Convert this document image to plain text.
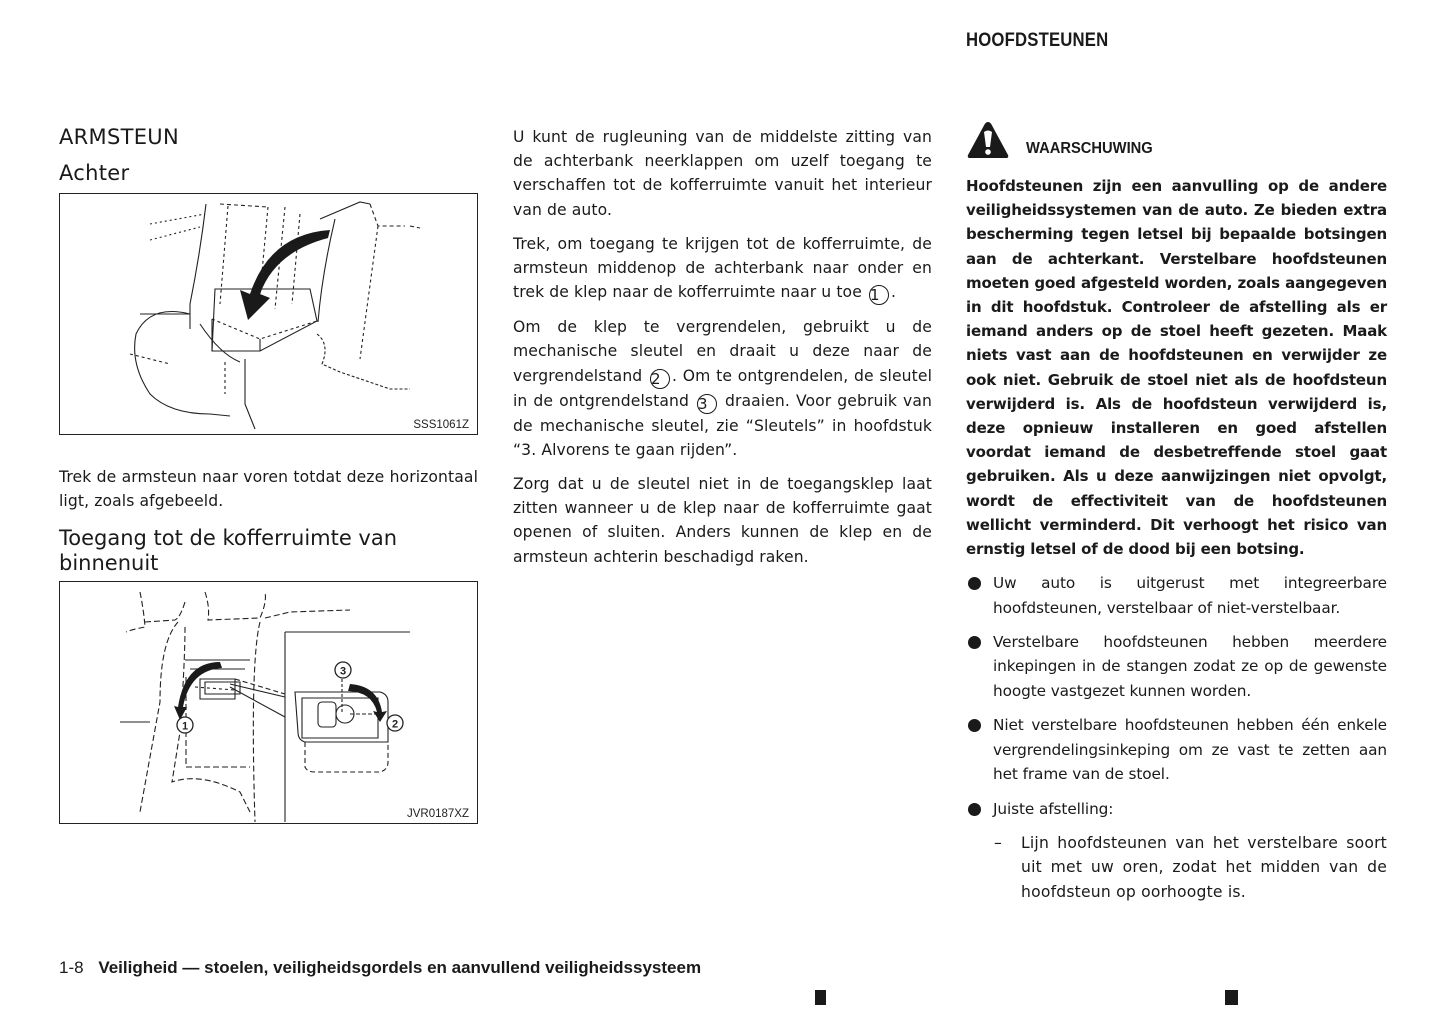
HOOFDSTEUNEN
ARMSTEUN
Achter
SSS1061Z
Trek de armsteun naar voren totdat deze horizontaal ligt, zoals afgebeeld.
Toegang tot de kofferruimte van binnenuit
1
3
2
JVR0187XZ

U kunt de rugleuning van de middelste zitting van de achterbank neerklappen om uzelf toegang te verschaffen tot de kofferruimte vanuit het interieur van de auto.

Trek, om toegang te krijgen tot de kofferruimte, de armsteun middenop de achterbank naar onder en trek de klep naar de kofferruimte naar u toe 1 .

Om de klep te vergrendelen, gebruikt u de mechanische sleutel en draait u deze naar de vergrendelstand 2 . Om te ontgrendelen, de sleutel in de ontgrendelstand 3 draaien. Voor gebruik van de mechanische sleutel, zie “Sleutels” in hoofdstuk “3. Alvorens te gaan rijden”.

Zorg dat u de sleutel niet in de toegangsklep laat zitten wanneer u de klep naar de kofferruimte gaat openen of sluiten. Anders kunnen de klep en de armsteun achterin beschadigd raken.

WAARSCHUWING
Hoofdsteunen zijn een aanvulling op de andere veiligheidssystemen van de auto. Ze bieden extra bescherming tegen letsel bij bepaalde botsingen aan de achterkant. Verstelbare hoofdsteunen moeten goed afgesteld worden, zoals aangegeven in dit hoofdstuk. Controleer de afstelling als er iemand anders op de stoel heeft gezeten. Maak niets vast aan de hoofdsteunen en verwijder ze ook niet. Gebruik de stoel niet als de hoofdsteun verwijderd is. Als de hoofdsteun verwijderd is, deze opnieuw installeren en goed afstellen voordat iemand de desbetreffende stoel gaat gebruiken. Als u deze aanwijzingen niet opvolgt, wordt de effectiviteit van de hoofdsteunen wellicht verminderd. Dit verhoogt het risico van ernstig letsel of de dood bij een botsing.
Uw auto is uitgerust met integreerbare hoofdsteunen, verstelbaar of niet-verstelbaar.
Verstelbare hoofdsteunen hebben meerdere inkepingen in de stangen zodat ze op de gewenste hoogte vastgezet kunnen worden.
Niet verstelbare hoofdsteunen hebben één enkele vergrendelingsinkeping om ze vast te zetten aan het frame van de stoel.
Juiste afstelling:
– Lijn hoofdsteunen van het verstelbare soort uit met uw oren, zodat het midden van de hoofdsteun op oorhoogte is.
1-8 Veiligheid — stoelen, veiligheidsgordels en aanvullend veiligheidssysteem
